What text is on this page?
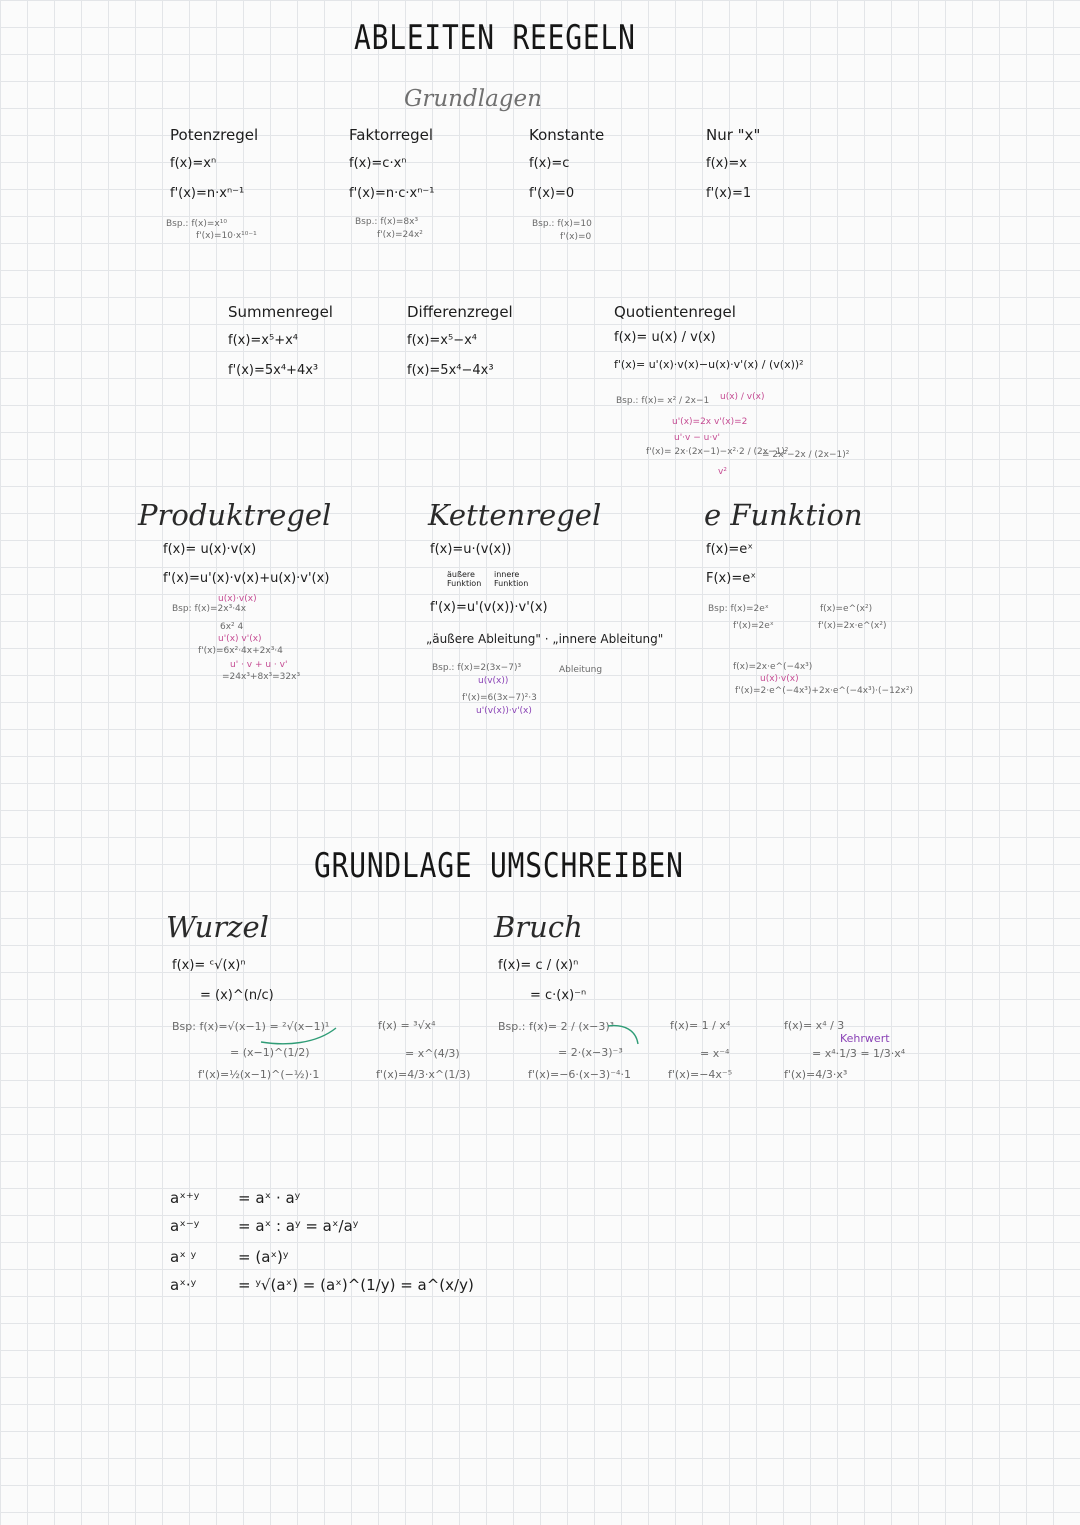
ABLEITEN REEGELN
Grundlagen
Potenzregel
f(x)=xⁿ
f'(x)=n·xⁿ⁻¹
Bsp.: f(x)=x¹⁰
f'(x)=10·x¹⁰⁻¹
Faktorregel
f(x)=c·xⁿ
f'(x)=n·c·xⁿ⁻¹
Bsp.: f(x)=8x³
f'(x)=24x²
Konstante
f(x)=c
f'(x)=0
Bsp.: f(x)=10
f'(x)=0
Nur "x"
f(x)=x
f'(x)=1
Summenregel
f(x)=x⁵+x⁴
f'(x)=5x⁴+4x³
Differenzregel
f(x)=x⁵−x⁴
f(x)=5x⁴−4x³
Quotientenregel
f(x)= u(x) / v(x)
f'(x)= u'(x)·v(x)−u(x)·v'(x) / (v(x))²
Bsp.: f(x)= x² / 2x−1 u(x) / v(x)
u'(x)=2x v'(x)=2
u'·v − u·v'
f'(x)= 2x·(2x−1)−x²·2 / (2x−1)²
= 2x²−2x / (2x−1)²
v²
Produktregel
f(x)= u(x)·v(x)
f'(x)=u'(x)·v(x)+u(x)·v'(x)
u(x)·v(x)
Bsp: f(x)=2x³·4x
6x² 4
u'(x) v'(x)
f'(x)=6x²·4x+2x³·4
u' · v + u · v'
=24x³+8x³=32x³
Kettenregel
f(x)=u·(v(x))
äußere Funktion
innere Funktion
f'(x)=u'(v(x))·v'(x)
„äußere Ableitung" · „innere Ableitung"
Bsp.: f(x)=2(3x−7)³
u(v(x))
Ableitung
f'(x)=6(3x−7)²·3
u'(v(x))·v'(x)
e Funktion
f(x)=eˣ
F(x)=eˣ
Bsp: f(x)=2eˣ
f'(x)=2eˣ
f(x)=e^(x²)
f'(x)=2x·e^(x²)
f(x)=2x·e^(−4x³)
u(x)·v(x)
f'(x)=2·e^(−4x³)+2x·e^(−4x³)·(−12x²)
GRUNDLAGE UMSCHREIBEN
Wurzel
f(x)= ᶜ√(x)ⁿ
= (x)^(n/c)
Bsp: f(x)=√(x−1) = ²√(x−1)¹
= (x−1)^(1/2)
f'(x)=½(x−1)^(−½)·1
f(x) = ³√x⁴
= x^(4/3)
f'(x)=4/3·x^(1/3)
Bruch
f(x)= c / (x)ⁿ
= c·(x)⁻ⁿ
Bsp.: f(x)= 2 / (x−3)³
= 2·(x−3)⁻³
f'(x)=−6·(x−3)⁻⁴·1
f(x)= 1 / x⁴
= x⁻⁴
f'(x)=−4x⁻⁵
f(x)= x⁴ / 3
Kehrwert
= x⁴·1/3 = 1/3·x⁴
f'(x)=4/3·x³
aˣ⁺ʸ	= aˣ · aʸ
aˣ⁻ʸ	= aˣ : aʸ = aˣ/aʸ
aˣ ʸ	= (aˣ)ʸ
aˣ·ʸ	= ʸ√(aˣ) = (aˣ)^(1/y) = a^(x/y)
